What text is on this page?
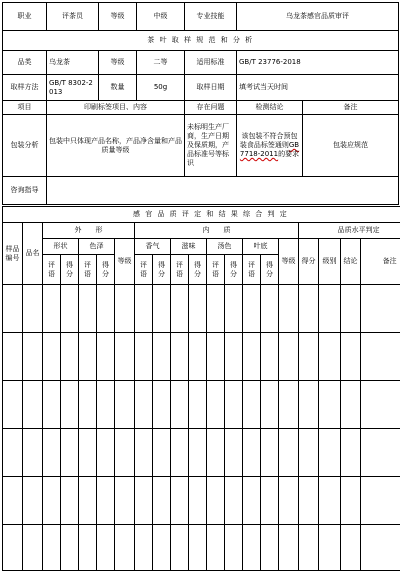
职业	评茶员	等级	中级	专业技能	乌龙茶感官品质审评	
茶 叶 取 样 规 范 和 分 析						
品类	乌龙茶	等级	二等	适用标准	GB/T 23776-2018	
取样方法	GB/T 8302-2013	数量	50g	取样日期	填考试当天时间	
项目	印刷标签项目、内容			存在问题	检测结论	备注
包装分析	包装中只体现产品名称，产品净含量和产品质量等级			未标明生产厂商，生产日期及保质期，产品标准号等标识	该包装不符合预包装食品标签通则GB7718-2011的要求	包装应规范
咨询指导						
感 官 品 质 评 定 和 结 果 综 合 判 定																			
样品编号	品名	外　　形					内　　质									品质水平判定			
		形状		色泽		等级	香气		滋味		汤色		叶底		等级	得分	级别	结论	备注
		评语	得分	评语	得分		评语	得分	评语	得分	评语	得分	评语	得分					
